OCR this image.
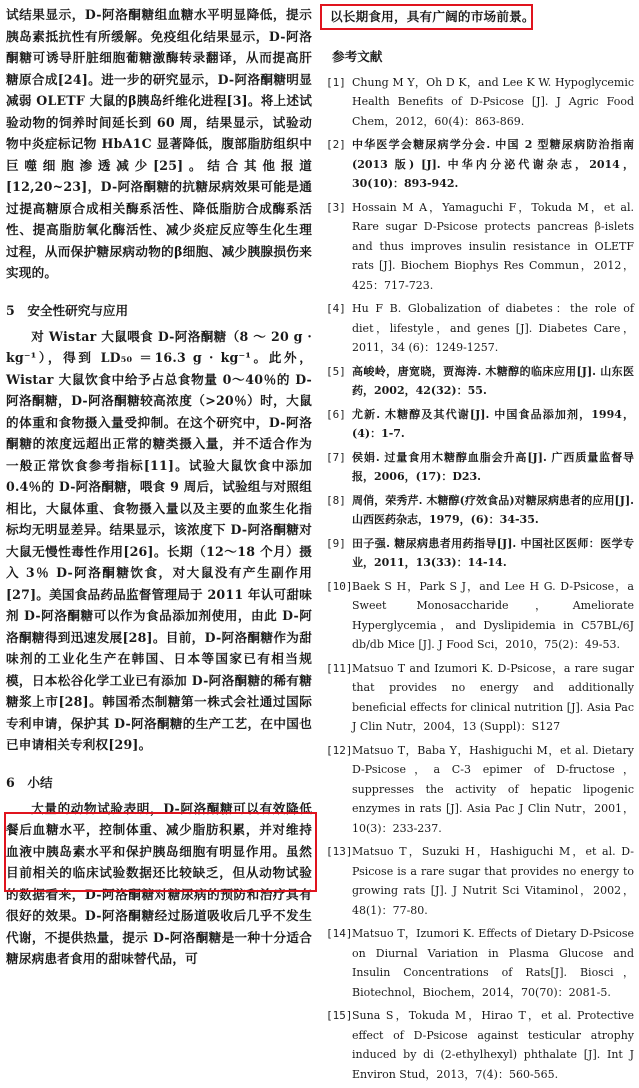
试结果显示，D-阿洛酮糖组血糖水平明显降低，提示胰岛素抵抗性有所缓解。免疫组化结果显示，D-阿洛酮糖可诱导肝脏细胞葡糖激酶转录翻译，从而提高肝糖原合成[24]。进一步的研究显示，D-阿洛酮糖明显减弱 OLETF 大鼠的β胰岛纤维化进程[3]。将上述试验动物的饲养时间延长到 60 周，结果显示，试验动物中炎症标记物 HbA1C 显著降低，腹部脂肪组织中巨噬细胞渗透减少[25]。结合其他报道[12,20~23]，D-阿洛酮糖的抗糖尿病效果可能是通过提高糖原合成相关酶系活性、降低脂肪合成酶系活性、提高脂肪氧化酶活性、减少炎症反应等生化生理过程，从而保护糖尿病动物的β细胞、减少胰腺损伤来实现的。

5　安全性研究与应用

对 Wistar 大鼠喂食 D-阿洛酮糖（8 ～ 20 g · kg⁻¹），得到 LD₅₀ ＝16.3 g · kg⁻¹。此外，Wistar 大鼠饮食中给予占总食物量 0～40％的 D-阿洛酮糖，D-阿洛酮糖较高浓度（>20％）时，大鼠的体重和食物摄入量受抑制。在这个研究中，D-阿洛酮糖的浓度远超出正常的糖类摄入量，并不适合作为一般正常饮食参考指标[11]。试验大鼠饮食中添加 0.4％的 D-阿洛酮糖，喂食 9 周后，试验组与对照组相比，大鼠体重、食物摄入量以及主要的血浆生化指标均无明显差异。结果显示，该浓度下 D-阿洛酮糖对大鼠无慢性毒性作用[26]。长期（12～18 个月）摄入 3％ D-阿洛酮糖饮食，对大鼠没有产生副作用[27]。美国食品药品监督管理局于 2011 年认可甜味剂 D-阿洛酮糖可以作为食品添加剂使用，由此 D-阿洛酮糖得到迅速发展[28]。目前，D-阿洛酮糖作为甜味剂的工业化生产在韩国、日本等国家已有相当规模，日本松谷化学工业已有添加 D-阿洛酮糖的稀有糖糖浆上市[28]。韩国希杰制糖第一株式会社通过国际专利申请，保护其 D-阿洛酮糖的生产工艺，在中国也已申请相关专利权[29]。

6　小结

大量的动物试验表明，D-阿洛酮糖可以有效降低餐后血糖水平，控制体重、减少脂肪积累，并对维持血液中胰岛素水平和保护胰岛细胞有明显作用。虽然目前相关的临床试验数据还比较缺乏，但从动物试验的数据看来，D-阿洛酮糖对糖尿病的预防和治疗具有很好的效果。D-阿洛酮糖经过肠道吸收后几乎不发生代谢，不提供热量，提示 D-阿洛酮糖是一种十分适合糖尿病患者食用的甜味替代品，可

以长期食用，具有广阔的市场前景。

参考文献
[1] Chung M Y，Oh D K，and Lee K W. Hypoglycemic Health Benefits of D-Psicose [J]. J Agric Food Chem，2012，60(4)：863-869.
[2] 中华医学会糖尿病学分会. 中国 2 型糖尿病防治指南 (2013 版) [J]. 中华内分泌代谢杂志，2014，30(10)：893-942.
[3] Hossain M A，Yamaguchi F，Tokuda M，et al. Rare sugar D-Psicose protects pancreas β-islets and thus improves insulin resistance in OLETF rats [J]. Biochem Biophys Res Commun，2012，425：717-723.
[4] Hu F B. Globalization of diabetes：the role of diet，lifestyle，and genes [J]. Diabetes Care，2011，34 (6)：1249-1257.
[5] 高峻岭，唐宽晓，贾海涛. 木糖醇的临床应用[J]. 山东医药，2002，42(32)：55.
[6] 尤新. 木糖醇及其代谢[J]. 中国食品添加剂，1994，(4)：1-7.
[7] 侯娟. 过量食用木糖醇血脂会升高[J]. 广西质量监督导报，2006，(17)：D23.
[8] 周俏，荣秀芹. 木糖醇(疗效食品)对糖尿病患者的应用[J]. 山西医药杂志，1979，(6)：34-35.
[9] 田子强. 糖尿病患者用药指导[J]. 中国社区医师：医学专业，2011，13(33)：14-14.
[10] Baek S H，Park S J，and Lee H G. D-Psicose，a Sweet Monosaccharide，Ameliorate Hyperglycemia，and Dyslipidemia in C57BL/6J db/db Mice [J]. J Food Sci，2010，75(2)：49-53.
[11] Matsuo T and Izumori K. D-Psicose，a rare sugar that provides no energy and additionally beneficial effects for clinical nutrition [J]. Asia Pac J Clin Nutr，2004，13 (Suppl)：S127
[12] Matsuo T，Baba Y，Hashiguchi M，et al. Dietary D-Psicose，a C-3 epimer of D-fructose，suppresses the activity of hepatic lipogenic enzymes in rats [J]. Asia Pac J Clin Nutr，2001，10(3)：233-237.
[13] Matsuo T，Suzuki H，Hashiguchi M，et al. D-Psicose is a rare sugar that provides no energy to growing rats [J]. J Nutrit Sci Vitaminol，2002，48(1)：77-80.
[14] Matsuo T，Izumori K. Effects of Dietary D-Psicose on Diurnal Variation in Plasma Glucose and Insulin Concentrations of Rats[J]. Biosci，Biotechnol，Biochem，2014，70(70)：2081-5.
[15] Suna S，Tokuda M，Hirao T，et al. Protective effect of D-Psicose against testicular atrophy induced by di (2-ethylhexyl) phthalate [J]. Int J Environ Stud，2013，7(4)：560-565.
